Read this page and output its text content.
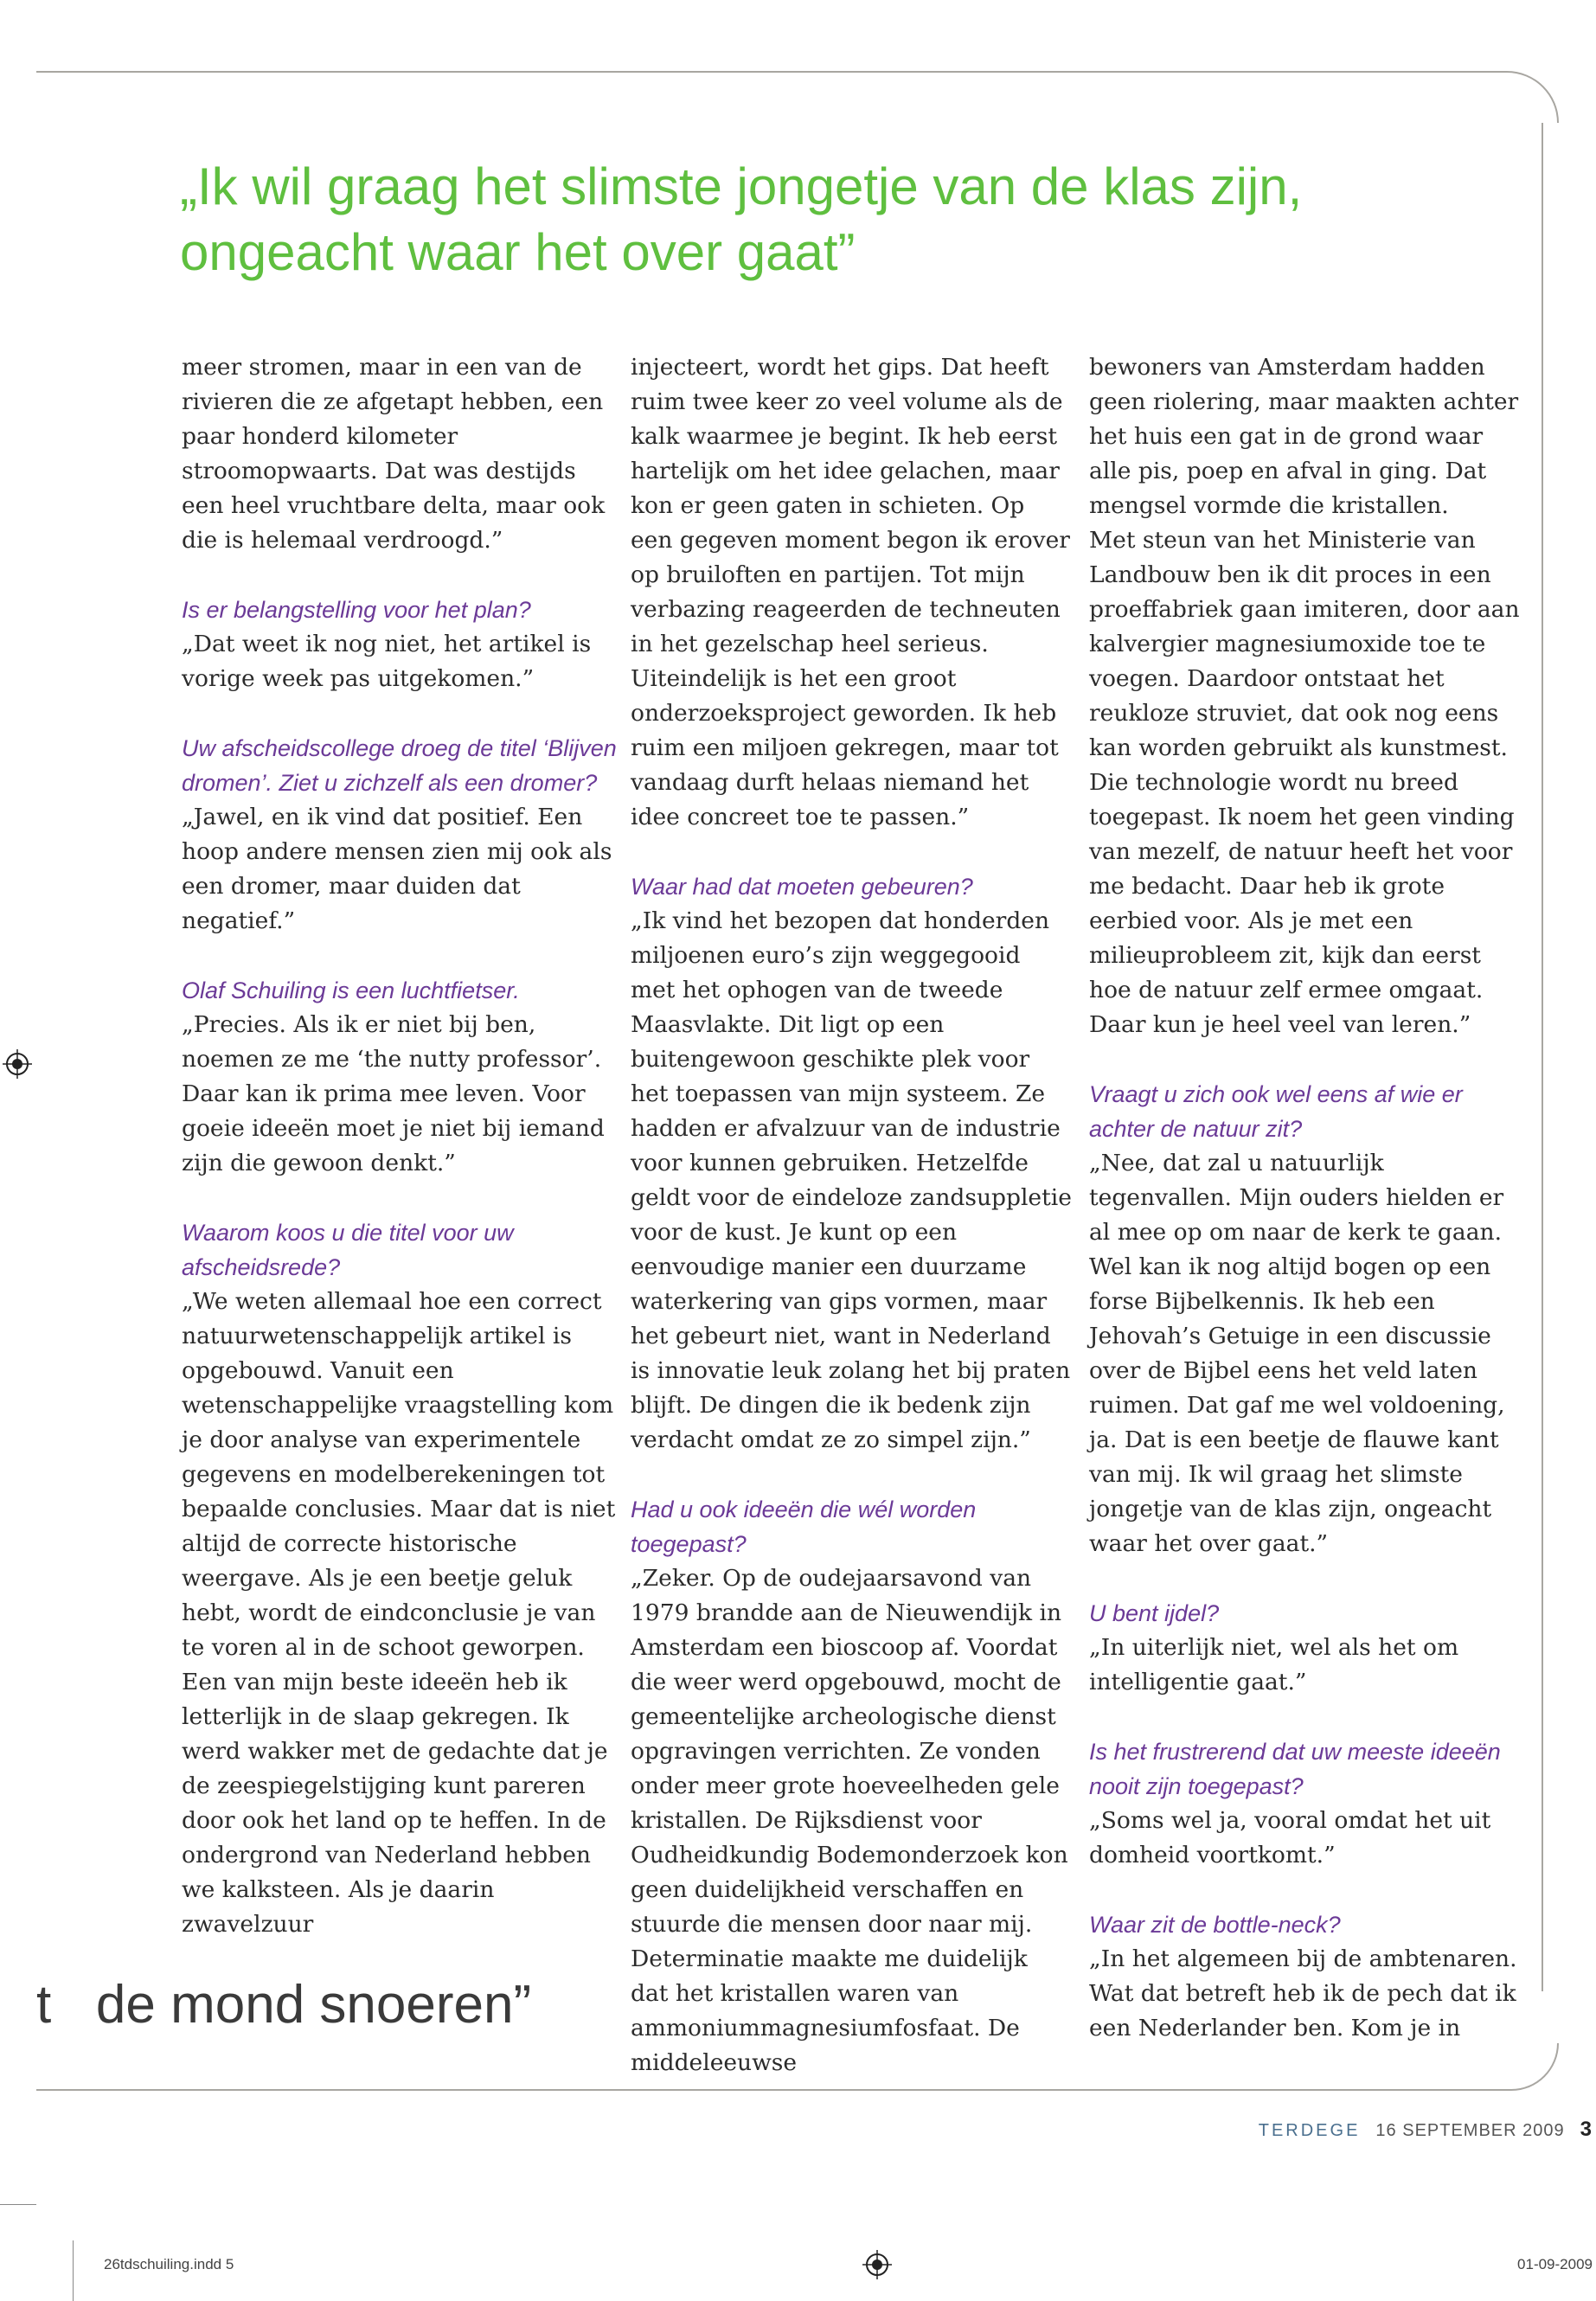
„Ik wil graag het slimste jongetje van de klas zijn,
ongeacht waar het over gaat”

meer stromen, maar in een van de rivieren die ze afgetapt hebben, een paar honderd kilometer stroomopwaarts. Dat was destijds een heel vruchtbare delta, maar ook die is helemaal verdroogd.”

Is er belangstelling voor het plan?

„Dat weet ik nog niet, het artikel is vorige week pas uitgekomen.”

Uw afscheidscollege droeg de titel ‘Blijven dromen’. Ziet u zichzelf als een dromer?

„Jawel, en ik vind dat positief. Een hoop andere mensen zien mij ook als een dromer, maar duiden dat negatief.”

Olaf Schuiling is een luchtfietser.

„Precies. Als ik er niet bij ben, noemen ze me ‘the nutty professor’. Daar kan ik prima mee leven. Voor goeie ideeën moet je niet bij iemand zijn die gewoon denkt.”

Waarom koos u die titel voor uw afscheidsrede?

„We weten allemaal hoe een correct natuurwetenschappelijk artikel is opgebouwd. Vanuit een wetenschappelijke vraagstelling kom je door analyse van experimentele gegevens en modelberekeningen tot bepaalde conclusies. Maar dat is niet altijd de correcte historische weergave. Als je een beetje geluk hebt, wordt de eindconclusie je van te voren al in de schoot geworpen.

Een van mijn beste ideeën heb ik letterlijk in de slaap gekregen. Ik werd wakker met de gedachte dat je de zeespiegelstijging kunt pareren door ook het land op te heffen. In de ondergrond van Nederland hebben we kalksteen. Als je daarin zwavelzuur

injecteert, wordt het gips. Dat heeft ruim twee keer zo veel volume als de kalk waarmee je begint. Ik heb eerst hartelijk om het idee gelachen, maar kon er geen gaten in schieten. Op een gegeven moment begon ik erover op bruiloften en partijen. Tot mijn verbazing reageerden de techneuten in het gezelschap heel serieus. Uiteindelijk is het een groot onderzoeksproject geworden. Ik heb ruim een miljoen gekregen, maar tot vandaag durft helaas niemand het idee concreet toe te passen.”

Waar had dat moeten gebeuren?

„Ik vind het bezopen dat honderden miljoenen euro’s zijn weggegooid met het ophogen van de tweede Maasvlakte. Dit ligt op een buitengewoon geschikte plek voor het toepassen van mijn systeem. Ze hadden er afvalzuur van de industrie voor kunnen gebruiken. Hetzelfde geldt voor de eindeloze zandsuppletie voor de kust. Je kunt op een eenvoudige manier een duurzame waterkering van gips vormen, maar het gebeurt niet, want in Nederland is innovatie leuk zolang het bij praten blijft. De dingen die ik bedenk zijn verdacht omdat ze zo simpel zijn.”

Had u ook ideeën die wél worden toegepast?

„Zeker. Op de oudejaarsavond van 1979 brandde aan de Nieuwendijk in Amsterdam een bioscoop af. Voordat die weer werd opgebouwd, mocht de gemeentelijke archeologische dienst opgravingen verrichten. Ze vonden onder meer grote hoeveelheden gele kristallen. De Rijksdienst voor Oudheidkundig Bodemonderzoek kon geen duidelijkheid verschaffen en stuurde die mensen door naar mij. Determinatie maakte me duidelijk dat het kristallen waren van ammoniummagnesiumfosfaat. De middeleeuwse

bewoners van Amsterdam hadden geen riolering, maar maakten achter het huis een gat in de grond waar alle pis, poep en afval in ging. Dat mengsel vormde die kristallen.

Met steun van het Ministerie van Landbouw ben ik dit proces in een proeffabriek gaan imiteren, door aan kalvergier magnesiumoxide toe te voegen. Daardoor ontstaat het reukloze struviet, dat ook nog eens kan worden gebruikt als kunstmest. Die technologie wordt nu breed toegepast. Ik noem het geen vinding van mezelf, de natuur heeft het voor me bedacht. Daar heb ik grote eerbied voor. Als je met een milieuprobleem zit, kijk dan eerst hoe de natuur zelf ermee omgaat. Daar kun je heel veel van leren.”

Vraagt u zich ook wel eens af wie er achter de natuur zit?

„Nee, dat zal u natuurlijk tegenvallen. Mijn ouders hielden er al mee op om naar de kerk te gaan. Wel kan ik nog altijd bogen op een forse Bijbelkennis. Ik heb een Jehovah’s Getuige in een discussie over de Bijbel eens het veld laten ruimen. Dat gaf me wel voldoening, ja. Dat is een beetje de flauwe kant van mij. Ik wil graag het slimste jongetje van de klas zijn, ongeacht waar het over gaat.”

U bent ijdel?

„In uiterlijk niet, wel als het om intelligentie gaat.”

Is het frustrerend dat uw meeste ideeën nooit zijn toegepast?

„Soms wel ja, vooral omdat het uit domheid voortkomt.”

Waar zit de bottle-neck?

„In het algemeen bij de ambtenaren. Wat dat betreft heb ik de pech dat ik een Nederlander ben. Kom je in

t   de mond snoeren”
TERDEGE 16 SEPTEMBER 2009 3
26tdschuiling.indd 5	01-09-2009
